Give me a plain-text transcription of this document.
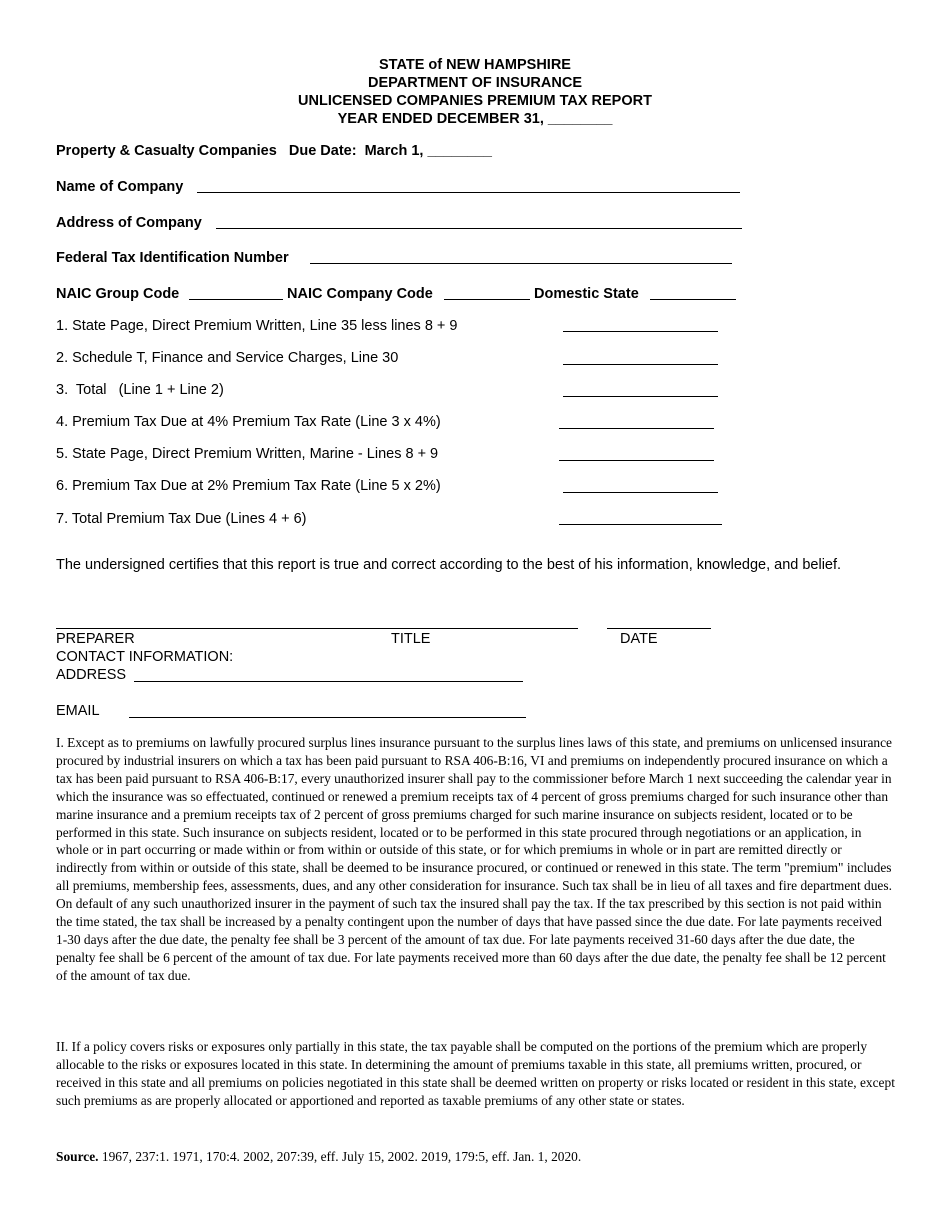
STATE of NEW HAMPSHIRE
DEPARTMENT OF INSURANCE
UNLICENSED COMPANIES PREMIUM TAX REPORT
YEAR ENDED DECEMBER 31, ________
Property & Casualty Companies   Due Date:  March 1, ________
Name of Company
Address of Company
Federal Tax Identification Number
NAIC Group Code	NAIC Company Code	Domestic State
1. State Page, Direct Premium Written, Line 35 less lines 8 + 9
2. Schedule T, Finance and Service Charges, Line 30
3.  Total   (Line 1 + Line 2)
4. Premium Tax Due at 4% Premium Tax Rate (Line 3 x 4%)
5. State Page, Direct Premium Written, Marine - Lines 8 + 9
6. Premium Tax Due at 2% Premium Tax Rate (Line 5 x 2%)
7. Total Premium Tax Due (Lines 4 + 6)
The undersigned certifies that this report is true and correct according to the best of his information, knowledge, and belief.
PREPARER	TITLE	DATE
CONTACT INFORMATION:
ADDRESS
EMAIL
I. Except as to premiums on lawfully procured surplus lines insurance pursuant to the surplus lines laws of this state, and premiums on unlicensed insurance procured by industrial insurers on which a tax has been paid pursuant to RSA 406-B:16, VI and premiums on independently procured insurance on which a tax has been paid pursuant to RSA 406-B:17, every unauthorized insurer shall pay to the commissioner before March 1 next succeeding the calendar year in which the insurance was so effectuated, continued or renewed a premium receipts tax of 4 percent of gross premiums charged for such insurance other than marine insurance and a premium receipts tax of 2 percent of gross premiums charged for such marine insurance on subjects resident, located or to be performed in this state. Such insurance on subjects resident, located or to be performed in this state procured through negotiations or an application, in whole or in part occurring or made within or from within or outside of this state, or for which premiums in whole or in part are remitted directly or indirectly from within or outside of this state, shall be deemed to be insurance procured, or continued or renewed in this state. The term "premium" includes all premiums, membership fees, assessments, dues, and any other consideration for insurance. Such tax shall be in lieu of all taxes and fire department dues. On default of any such unauthorized insurer in the payment of such tax the insured shall pay the tax. If the tax prescribed by this section is not paid within the time stated, the tax shall be increased by a penalty contingent upon the number of days that have passed since the due date. For late payments received 1-30 days after the due date, the penalty fee shall be 3 percent of the amount of tax due. For late payments received 31-60 days after the due date, the penalty fee shall be 6 percent of the amount of tax due. For late payments received more than 60 days after the due date, the penalty fee shall be 12 percent of the amount of tax due.
II. If a policy covers risks or exposures only partially in this state, the tax payable shall be computed on the portions of the premium which are properly allocable to the risks or exposures located in this state. In determining the amount of premiums taxable in this state, all premiums written, procured, or received in this state and all premiums on policies negotiated in this state shall be deemed written on property or risks located or resident in this state, except such premiums as are properly allocated or apportioned and reported as taxable premiums of any other state or states.
Source. 1967, 237:1. 1971, 170:4. 2002, 207:39, eff. July 15, 2002. 2019, 179:5, eff. Jan. 1, 2020.
